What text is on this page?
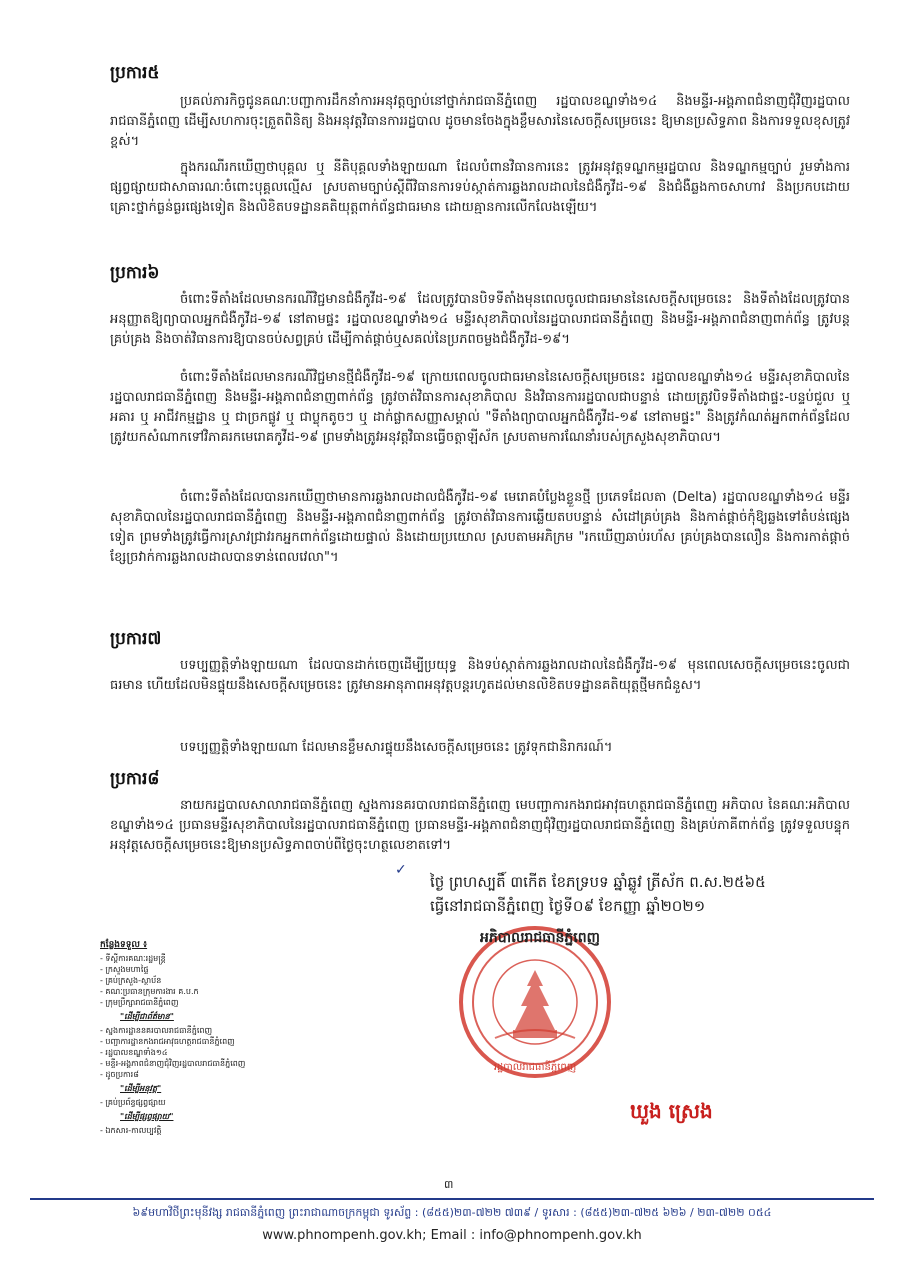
ប្រការ៥
ប្រគល់ភារកិច្ចជូនគណៈបញ្ជាការដឹកនាំការអនុវត្តច្បាប់នៅថ្នាក់រាជធានីភ្នំពេញ រដ្ឋបាលខណ្ឌទាំង១៤ និងមន្ទីរ-អង្គភាពជំនាញជុំវិញរដ្ឋបាលរាជធានីភ្នំពេញ ដើម្បីសហការចុះត្រួតពិនិត្យ និងអនុវត្តវិធានការរដ្ឋបាល ដូចមានចែងក្នុងខ្លឹមសារនៃសេចក្តីសម្រេចនេះ ឱ្យមានប្រសិទ្ធភាព និងការទទួលខុសត្រូវខ្ពស់។
ក្នុងករណីរកឃើញថាបុគ្គល ឬ នីតិបុគ្គលទាំងឡាយណា ដែលបំពានវិធានការនេះ ត្រូវអនុវត្តទណ្ឌកម្មរដ្ឋបាល និងទណ្ឌកម្មច្បាប់ រួមទាំងការផ្សព្វផ្សាយជាសាធារណៈចំពោះបុគ្គលល្មើស ស្របតាមច្បាប់ស្តីពីវិធានការទប់ស្កាត់ការឆ្លងរាលដាលនៃជំងឺកូវីដ-១៩ និងជំងឺឆ្លងកាចសាហាវ និងប្រកបដោយគ្រោះថ្នាក់ធ្ងន់ធ្ងរផ្សេងទៀត និងលិខិតបទដ្ឋានគតិយុត្តពាក់ព័ន្ធជាធរមាន ដោយគ្មានការលើកលែងឡើយ។
ប្រការ៦
ចំពោះទីតាំងដែលមានករណីវិជ្ជមានជំងឺកូវីដ-១៩ ដែលត្រូវបានបិទទីតាំងមុនពេលចូលជាធរមាននៃសេចក្តីសម្រេចនេះ និងទីតាំងដែលត្រូវបានអនុញ្ញាតឱ្យព្យាបាលអ្នកជំងឺកូវីដ-១៩ នៅតាមផ្ទះ រដ្ឋបាលខណ្ឌទាំង១៤ មន្ទីរសុខាភិបាលនៃរដ្ឋបាលរាជធានីភ្នំពេញ និងមន្ទីរ-អង្គភាពជំនាញពាក់ព័ន្ធ ត្រូវបន្តគ្រប់គ្រង និងចាត់វិធានការឱ្យបានចប់សព្វគ្រប់ ដើម្បីកាត់ផ្តាច់ឬសគល់នៃប្រភពចម្លងជំងឺកូវីដ-១៩។
ចំពោះទីតាំងដែលមានករណីវិជ្ជមានថ្មីជំងឺកូវីដ-១៩ ក្រោយពេលចូលជាធរមាននៃសេចក្តីសម្រេចនេះ រដ្ឋបាលខណ្ឌទាំង១៤ មន្ទីរសុខាភិបាលនៃរដ្ឋបាលរាជធានីភ្នំពេញ និងមន្ទីរ-អង្គភាពជំនាញពាក់ព័ន្ធ ត្រូវចាត់វិធានការសុខាភិបាល និងវិធានការរដ្ឋបាលជាបន្ទាន់ ដោយត្រូវបិទទីតាំងជាផ្ទះ-បន្ទប់ជួល ឬ អគារ ឬ អាជីវកម្មដ្ឋាន ឬ ជាច្រកផ្លូវ ឬ ជាប្លុកតូចៗ ឬ ដាក់ផ្លាកសញ្ញាសម្គាល់ "ទីតាំងព្យាបាលអ្នកជំងឺកូវីដ-១៩ នៅតាមផ្ទះ" និងត្រូវកំណត់អ្នកពាក់ព័ន្ធដែលត្រូវយកសំណាកទៅវិភាគរកមេរោគកូវីដ-១៩ ព្រមទាំងត្រូវអនុវត្តវិធានធ្វើចត្តាឡីស័ក ស្របតាមការណែនាំរបស់ក្រសួងសុខាភិបាល។
ចំពោះទីតាំងដែលបានរកឃើញថាមានការឆ្លងរាលដាលជំងឺកូវីដ-១៩ មេរោគបំប្លែងខ្លួនថ្មី ប្រភេទដែលតា (Delta) រដ្ឋបាលខណ្ឌទាំង១៤ មន្ទីរសុខាភិបាលនៃរដ្ឋបាលរាជធានីភ្នំពេញ និងមន្ទីរ-អង្គភាពជំនាញពាក់ព័ន្ធ ត្រូវចាត់វិធានការឆ្លើយតបបន្ទាន់ សំដៅគ្រប់គ្រង និងកាត់ផ្តាច់កុំឱ្យឆ្លងទៅតំបន់ផ្សេងទៀត ព្រមទាំងត្រូវធ្វើការស្រាវជ្រាវរកអ្នកពាក់ព័ន្ធដោយផ្ទាល់ និងដោយប្រយោល ស្របតាមអភិក្រម "រកឃើញឆាប់រហ័ស គ្រប់គ្រងបានលឿន និងការកាត់ផ្តាច់ខ្សែច្រវាក់ការឆ្លងរាលដាលបានទាន់ពេលវេលា"។
ប្រការ៧
បទប្បញ្ញត្តិទាំងឡាយណា ដែលបានដាក់ចេញដើម្បីប្រយុទ្ធ និងទប់ស្កាត់ការឆ្លងរាលដាលនៃជំងឺកូវីដ-១៩ មុនពេលសេចក្តីសម្រេចនេះចូលជាធរមាន ហើយដែលមិនផ្ទុយនឹងសេចក្តីសម្រេចនេះ ត្រូវមានអានុភាពអនុវត្តបន្តរហូតដល់មានលិខិតបទដ្ឋានគតិយុត្តថ្មីមកជំនួស។
បទប្បញ្ញត្តិទាំងឡាយណា ដែលមានខ្លឹមសារផ្ទុយនឹងសេចក្តីសម្រេចនេះ ត្រូវទុកជានិរាករណ៍។
ប្រការ៨
នាយករដ្ឋបាលសាលារាជធានីភ្នំពេញ ស្នងការនគរបាលរាជធានីភ្នំពេញ មេបញ្ជាការកងរាជអាវុធហត្ថរាជធានីភ្នំពេញ អភិបាល នៃគណៈអភិបាលខណ្ឌទាំង១៤ ប្រធានមន្ទីរសុខាភិបាលនៃរដ្ឋបាលរាជធានីភ្នំពេញ ប្រធានមន្ទីរ-អង្គភាពជំនាញជុំវិញរដ្ឋបាលរាជធានីភ្នំពេញ និងគ្រប់ភាគីពាក់ព័ន្ធ ត្រូវទទួលបន្ទុកអនុវត្តសេចក្តីសម្រេចនេះឱ្យមានប្រសិទ្ធភាពចាប់ពីថ្ងៃចុះហត្ថលេខាតទៅ។
ថ្ងៃ ព្រហស្បតិ៍ ៣កើត ខែភទ្របទ ឆ្នាំឆ្លូវ ត្រីស័ក ព.ស.២៥៦៥
ធ្វើនៅរាជធានីភ្នំពេញ ថ្ងៃទី០៩ ខែកញ្ញា ឆ្នាំ២០២១
កន្លែងទទួល ៖
- ទីស្តីការគណៈរដ្ឋមន្ត្រី
- ក្រសួងមហាផ្ទៃ
- គ្រប់ក្រសួង-ស្ថាប័ន
- គណៈប្រធានក្រុមការងារ គ.ប.ក
- ក្រុមប្រឹក្សារាជធានីភ្នំពេញ
"ដើម្បីជាព័ត៌មាន"
- ស្នងការដ្ឋាននគរបាលរាជធានីភ្នំពេញ
- បញ្ជាការដ្ឋានកងរាជអាវុធហត្ថរាជធានីភ្នំពេញ
- រដ្ឋបាលខណ្ឌទាំង១៤
- មន្ទីរ-អង្គភាពជំនាញជុំវិញរដ្ឋបាលរាជធានីភ្នំពេញ
- ដូចប្រការ៨
"ដើម្បីអនុវត្ត"
- គ្រប់ប្រព័ន្ធផ្សព្វផ្សាយ
"ដើម្បីផ្សព្វផ្សាយ"
- ឯកសារ-កាលប្បវត្តិ
✓
រដ្ឋបាលរាជធានីភ្នំពេញ
អភិបាលរាជធានីភ្នំពេញ
ឃួង ស្រេង
៣
៦៩មហាវិថីព្រះមុនីវង្ស រាជធានីភ្នំពេញ ព្រះរាជាណាចក្រកម្ពុជា ទូរស័ព្ទ : (៨៥៥)២៣-៧២២ ៧៣៩ / ទូរសារ : (៨៥៥)២៣-៧២៥ ៦២៦ / ២៣-៧២២ ០៥៤
www.phnompenh.gov.kh; Email : info@phnompenh.gov.kh
